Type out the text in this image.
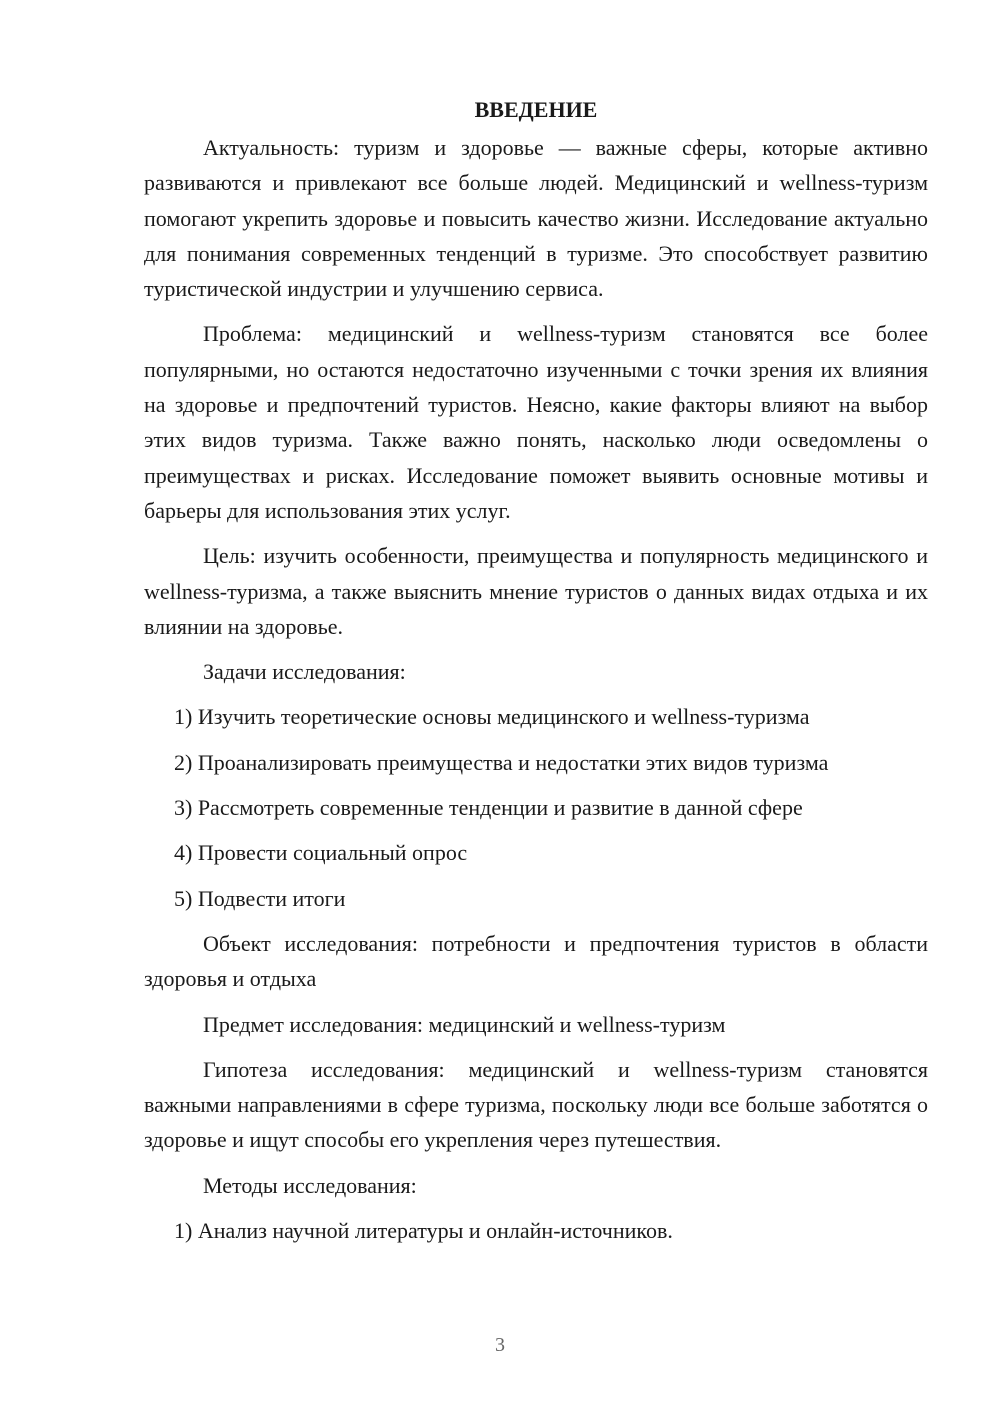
ВВЕДЕНИЕ

Актуальность: туризм и здоровье — важные сферы, которые активно развиваются и привлекают все больше людей. Медицинский и wellness-туризм помогают укрепить здоровье и повысить качество жизни. Исследование актуально для понимания современных тенденций в туризме. Это способствует развитию туристической индустрии и улучшению сервиса.

Проблема: медицинский и wellness-туризм становятся все более популярными, но остаются недостаточно изученными с точки зрения их влияния на здоровье и предпочтений туристов. Неясно, какие факторы влияют на выбор этих видов туризма. Также важно понять, насколько люди осведомлены о преимуществах и рисках. Исследование поможет выявить основные мотивы и барьеры для использования этих услуг.

Цель: изучить особенности, преимущества и популярность медицинского и wellness-туризма, а также выяснить мнение туристов о данных видах отдыха и их влиянии на здоровье.

Задачи исследования:

1) Изучить теоретические основы медицинского и wellness-туризма
2) Проанализировать преимущества и недостатки этих видов туризма
3) Рассмотреть современные тенденции и развитие в данной сфере
4) Провести социальный опрос
5) Подвести итоги

Объект исследования: потребности и предпочтения туристов в области здоровья и отдыха

Предмет исследования: медицинский и wellness-туризм

Гипотеза исследования: медицинский и wellness-туризм становятся важными направлениями в сфере туризма, поскольку люди все больше заботятся о здоровье и ищут способы его укрепления через путешествия.

Методы исследования:

1) Анализ научной литературы и онлайн-источников.
3
